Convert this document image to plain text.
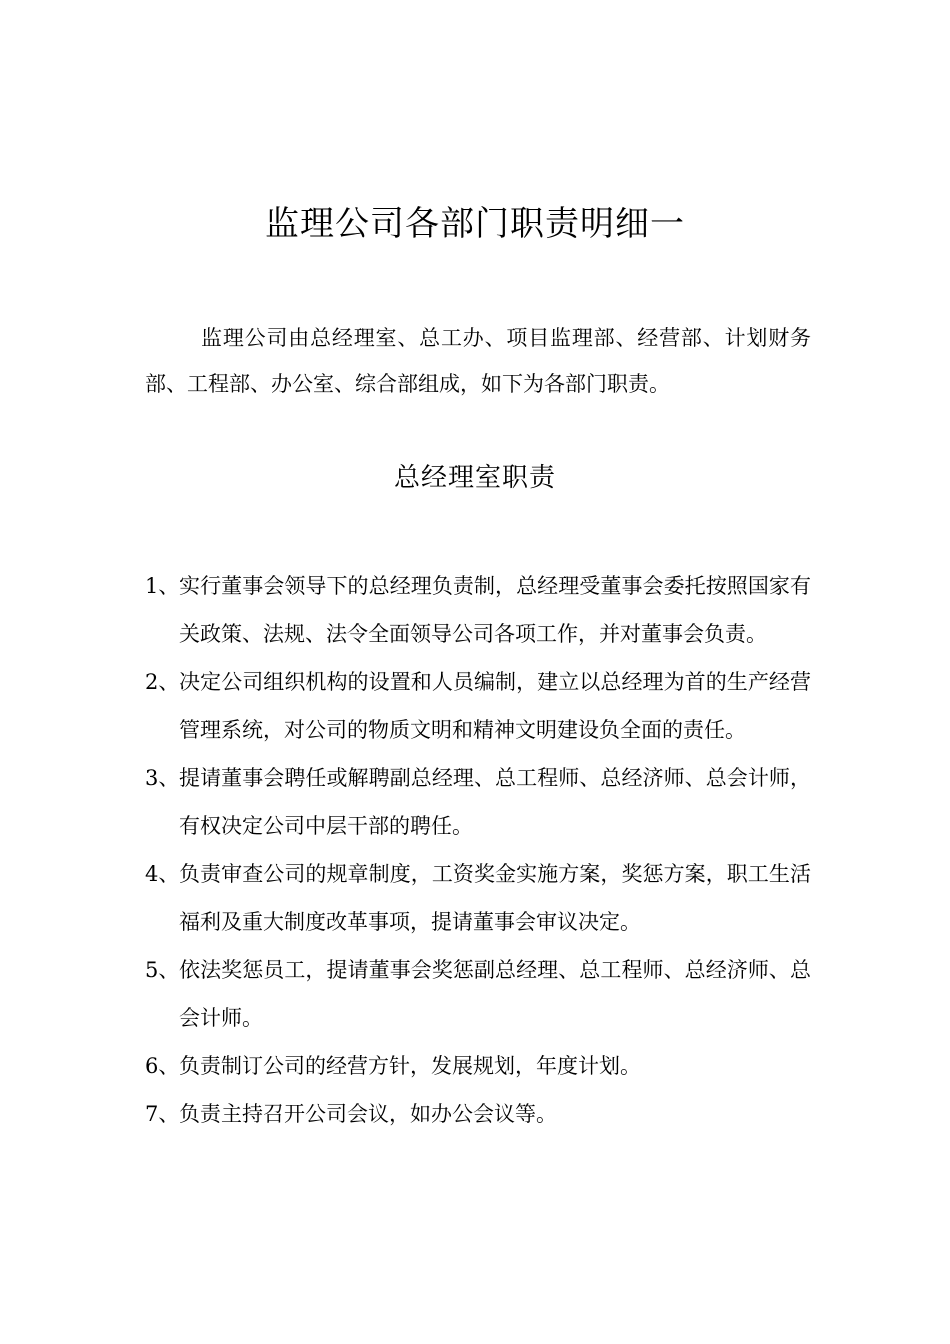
监理公司各部门职责明细一

监理公司由总经理室、总工办、项目监理部、经营部、计划财务部、工程部、办公室、综合部组成，如下为各部门职责。

总经理室职责
1、 实行董事会领导下的总经理负责制，总经理受董事会委托按照国家有关政策、法规、法令全面领导公司各项工作，并对董事会负责。
2、 决定公司组织机构的设置和人员编制，建立以总经理为首的生产经营管理系统，对公司的物质文明和精神文明建设负全面的责任。
3、 提请董事会聘任或解聘副总经理、总工程师、总经济师、总会计师，有权决定公司中层干部的聘任。
4、 负责审查公司的规章制度，工资奖金实施方案，奖惩方案，职工生活福利及重大制度改革事项，提请董事会审议决定。
5、 依法奖惩员工，提请董事会奖惩副总经理、总工程师、总经济师、总会计师。
6、 负责制订公司的经营方针，发展规划，年度计划。
7、 负责主持召开公司会议，如办公会议等。
